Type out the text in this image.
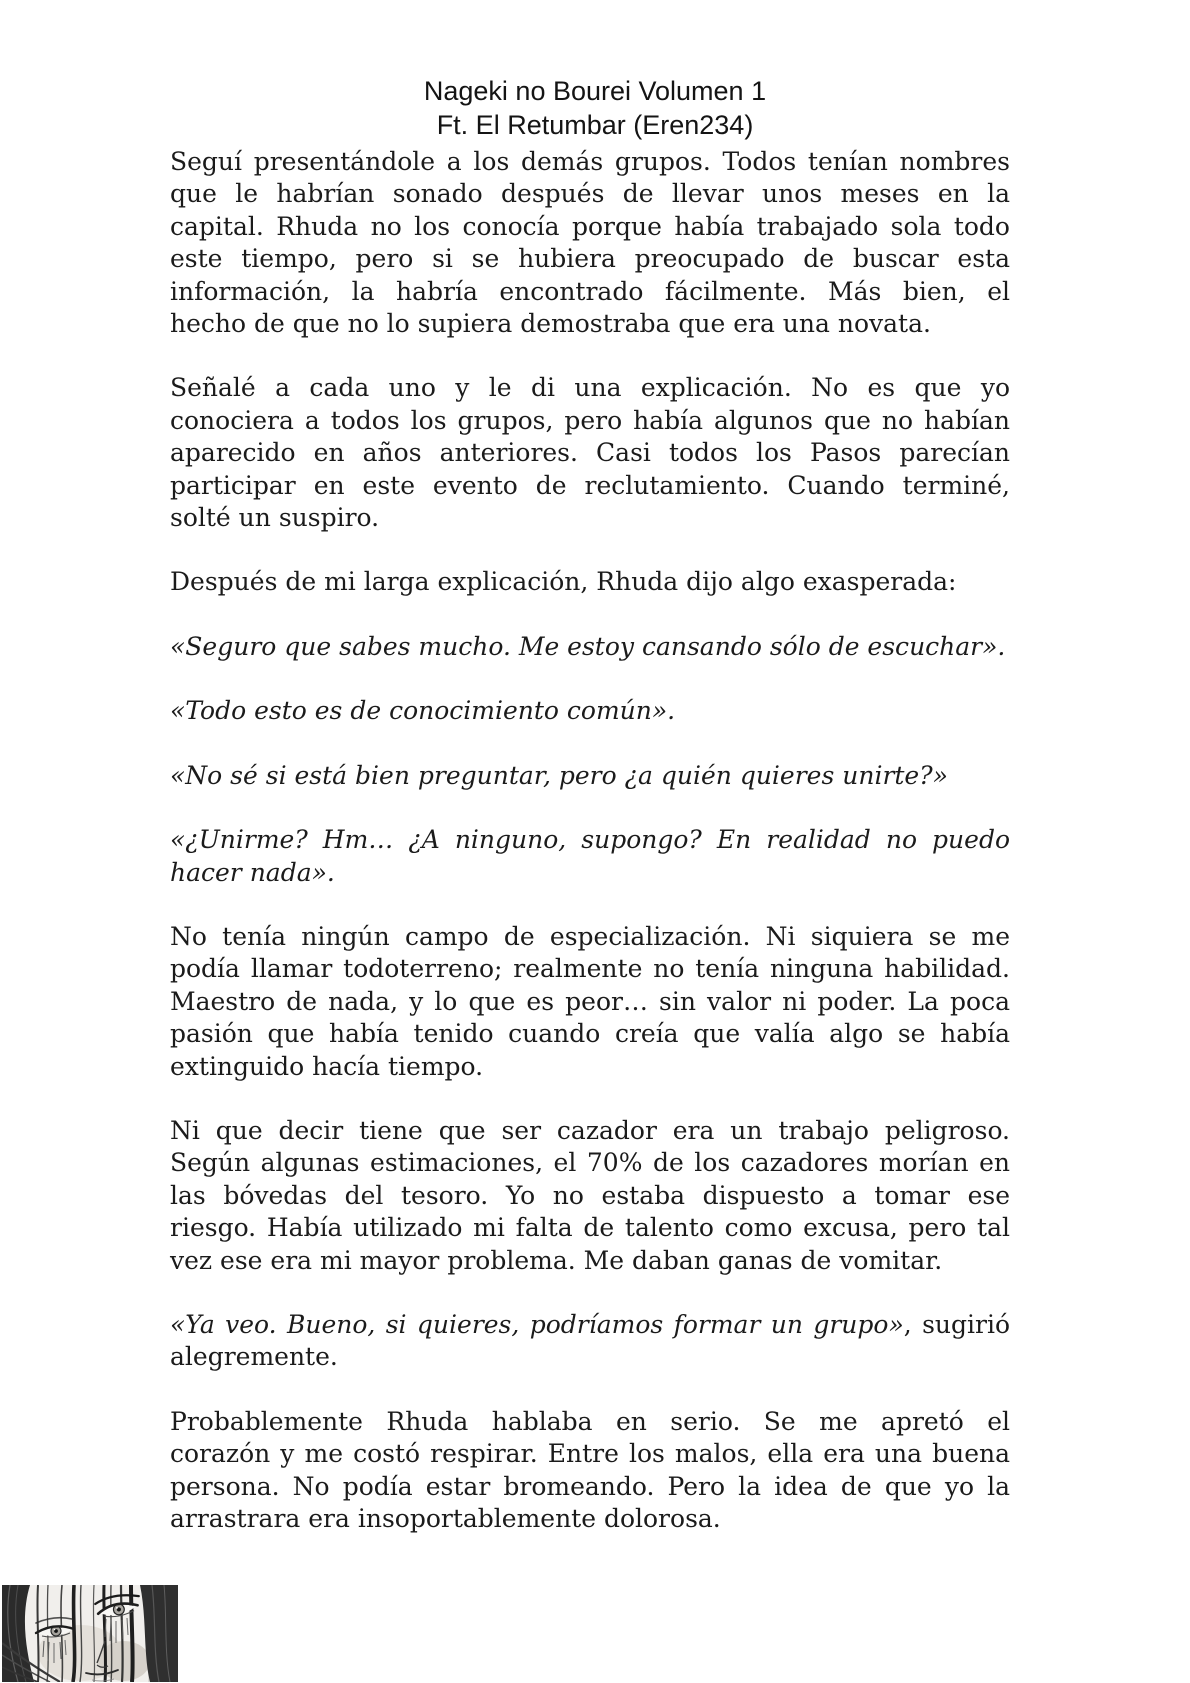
Nageki no Bourei Volumen 1
Ft. El Retumbar (Eren234)
Seguí presentándole a los demás grupos. Todos tenían nombres
que le habrían sonado después de llevar unos meses en la
capital. Rhuda no los conocía porque había trabajado sola todo
este tiempo, pero si se hubiera preocupado de buscar esta
información, la habría encontrado fácilmente. Más bien, el
hecho de que no lo supiera demostraba que era una novata.
Señalé a cada uno y le di una explicación. No es que yo
conociera a todos los grupos, pero había algunos que no habían
aparecido en años anteriores. Casi todos los Pasos parecían
participar en este evento de reclutamiento. Cuando terminé,
solté un suspiro.
Después de mi larga explicación, Rhuda dijo algo exasperada:
«Seguro que sabes mucho. Me estoy cansando sólo de escuchar».
«Todo esto es de conocimiento común».
«No sé si está bien preguntar, pero ¿a quién quieres unirte?»
«¿Unirme? Hm… ¿A ninguno, supongo? En realidad no puedo
hacer nada».
No tenía ningún campo de especialización. Ni siquiera se me
podía llamar todoterreno; realmente no tenía ninguna habilidad.
Maestro de nada, y lo que es peor… sin valor ni poder. La poca
pasión que había tenido cuando creía que valía algo se había
extinguido hacía tiempo.
Ni que decir tiene que ser cazador era un trabajo peligroso.
Según algunas estimaciones, el 70% de los cazadores morían en
las bóvedas del tesoro. Yo no estaba dispuesto a tomar ese
riesgo. Había utilizado mi falta de talento como excusa, pero tal
vez ese era mi mayor problema. Me daban ganas de vomitar.
«Ya veo. Bueno, si quieres, podríamos formar un grupo», sugirió
alegremente.
Probablemente Rhuda hablaba en serio. Se me apretó el
corazón y me costó respirar. Entre los malos, ella era una buena
persona. No podía estar bromeando. Pero la idea de que yo la
arrastrara era insoportablemente dolorosa.
